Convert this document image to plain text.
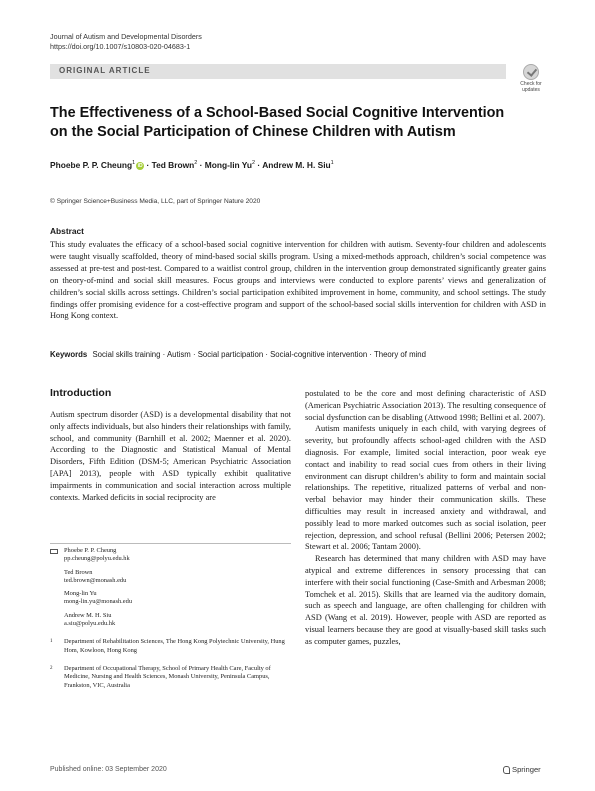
Journal of Autism and Developmental Disorders
https://doi.org/10.1007/s10803-020-04683-1
ORIGINAL ARTICLE
Check for
updates
The Effectiveness of a School-Based Social Cognitive Intervention
on the Social Participation of Chinese Children with Autism
Phoebe P. P. Cheung$^1$ iD · Ted Brown$^2$ · Mong-lin $Yu^2$ · Andrew M. H. Siu$^1$
© Springer Science+Business Media, LLC, part of Springer Nature 2020
Abstract
This study evaluates the efficacy of a school-based social cognitive intervention for children with autism. Seventy-four children and adolescents were taught visually scaffolded, theory of mind-based social skills program. Using a mixed-methods approach, children’s social competence was assessed at pre-test and post-test. Compared to a waitlist control group, children in the intervention group demonstrated significantly greater gains on theory-of-mind and social skill measures. Focus groups and interviews were conducted to explore parents’ views and generalization of children’s social skills across settings. Children’s social participation exhibited improvement in home, community, and school settings. The study findings offer promising evidence for a cost-effective program and support of the school-based social skills intervention for children with ASD in Hong Kong context.
Keywords Social skills training · Autism · Social participation · Social-cognitive intervention · Theory of mind
Introduction

Autism spectrum disorder (ASD) is a developmental disability that not only affects individuals, but also hinders their relationships with family, school, and community (Barnhill et al. 2002; Maenner et al. 2020). According to the Diagnostic and Statistical Manual of Mental Disorders, Fifth Edition (DSM-5; American Psychiatric Association [APA] 2013), people with ASD typically exhibit qualitative impairments in communication and social interaction across multiple contexts. Marked deficits in social reciprocity are

Phoebe P. P. Cheung
pp.cheung@polyu.edu.hk
Ted Brown
ted.brown@monash.edu
Mong-lin Yu
mong-lin.yu@monash.edu
Andrew M. H. Siu
a.siu@polyu.edu.hk
1 Department of Rehabilitation Sciences, The Hong Kong Polytechnic University, Hung Hom, Kowloon, Hong Kong
2 Department of Occupational Therapy, School of Primary Health Care, Faculty of Medicine, Nursing and Health Sciences, Monash University, Peninsula Campus, Frankston, VIC, Australia

postulated to be the core and most defining characteristic of ASD (American Psychiatric Association 2013). The resulting consequence of social dysfunction can be disabling (Attwood 1998; Bellini et al. 2007).

Autism manifests uniquely in each child, with varying degrees of severity, but profoundly affects school-aged children with the ASD diagnosis. For example, limited social interaction, poor weak eye contact and inability to read social cues from others in their living environment can disrupt children’s ability to form and maintain social relationships. The repetitive, ritualized patterns of verbal and non-verbal behavior may hinder their communication skills. These difficulties may result in increased anxiety and withdrawal, and possibly lead to more marked outcomes such as social isolation, peer rejection, depression, and school refusal (Bellini 2006; Petersen 2002; Stewart et al. 2006; Tantam 2000).

Research has determined that many children with ASD may have atypical and extreme differences in sensory processing that can interfere with their social functioning (Case-Smith and Arbesman 2008; Tomchek et al. 2015). Skills that are learned via the auditory domain, such as speech and language, are often challenging for children with ASD (Wang et al. 2019). However, people with ASD are reported as visual learners because they are good at visually-based skill tasks such as computer games, puzzles,

Published online: 03 September 2020	Springer
